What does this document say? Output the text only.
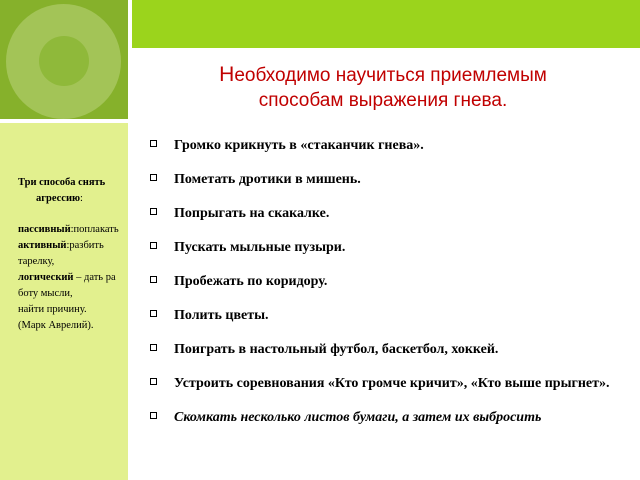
Необходимо научиться приемлемым
способам выражения гнева.
Три способа снять
агрессию:
пассивный:поплакать
активный:разбить
тарелку,
логический – дать ра
боту мысли,
найти причину.
(Марк Аврелий).
Громко крикнуть в «стаканчик гнева».
Пометать дротики в мишень.
Попрыгать на скакалке.
Пускать мыльные пузыри.
Пробежать по коридору.
Полить цветы.
Поиграть в настольный футбол, баскетбол, хоккей.
Устроить соревнования «Кто громче кричит», «Кто выше прыгнет».
Скомкать несколько листов бумаги, а затем их выбросить
